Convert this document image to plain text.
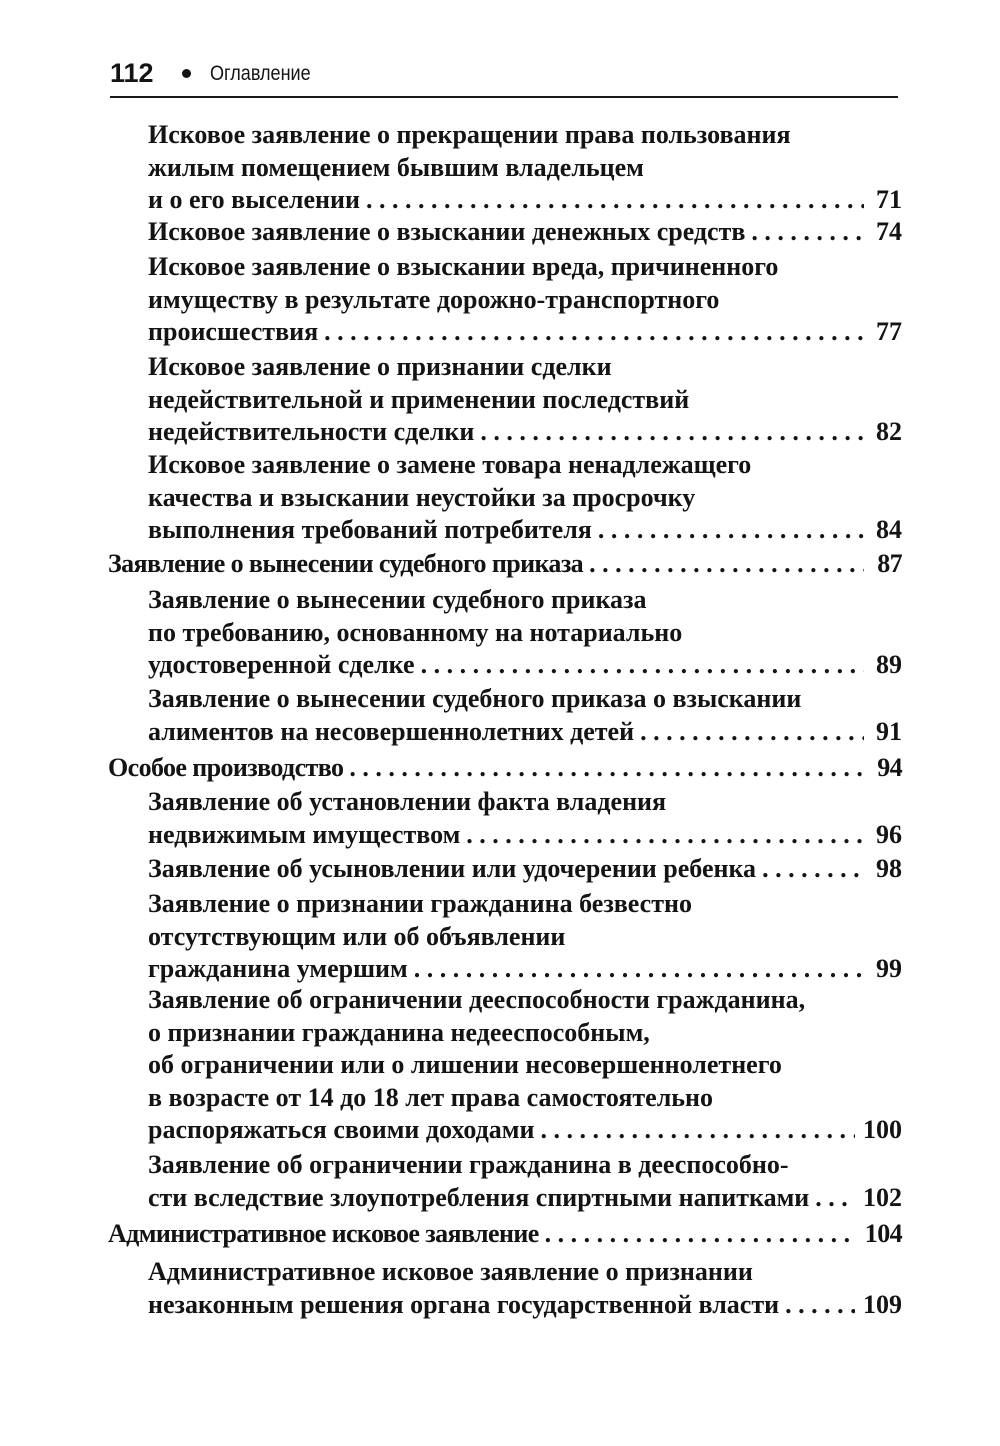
112	Оглавление
Исковое заявление о прекращении права пользования
жилым помещением бывшим владельцем
и о его выселении . . .	71
Исковое заявление о взыскании денежных средств . . .	74
Исковое заявление о взыскании вреда, причиненного
имуществу в результате дорожно-транспортного
происшествия . . .	77
Исковое заявление о признании сделки
недействительной и применении последствий
недействительности сделки . . .	82
Исковое заявление о замене товара ненадлежащего
качества и взыскании неустойки за просрочку
выполнения требований потребителя . . .	84
Заявление о вынесении судебного приказа . . .	87
Заявление о вынесении судебного приказа
по требованию, основанному на нотариально
удостоверенной сделке . . .	89
Заявление о вынесении судебного приказа о взыскании
алиментов на несовершеннолетних детей . . .	91
Особое производство . . .	94
Заявление об установлении факта владения
недвижимым имуществом . . .	96
Заявление об усыновлении или удочерении ребенка . . .	98
Заявление о признании гражданина безвестно
отсутствующим или об объявлении
гражданина умершим . . .	99
Заявление об ограничении дееспособности гражданина,
о признании гражданина недееспособным,
об ограничении или о лишении несовершеннолетнего
в возрасте от 14 до 18 лет права самостоятельно
распоряжаться своими доходами . . .	100
Заявление об ограничении гражданина в дееспособно-
сти вследствие злоупотребления спиртными напитками . . . 102
Административное исковое заявление . . .	104
Административное исковое заявление о признании
незаконным решения органа государственной власти . . .	109
